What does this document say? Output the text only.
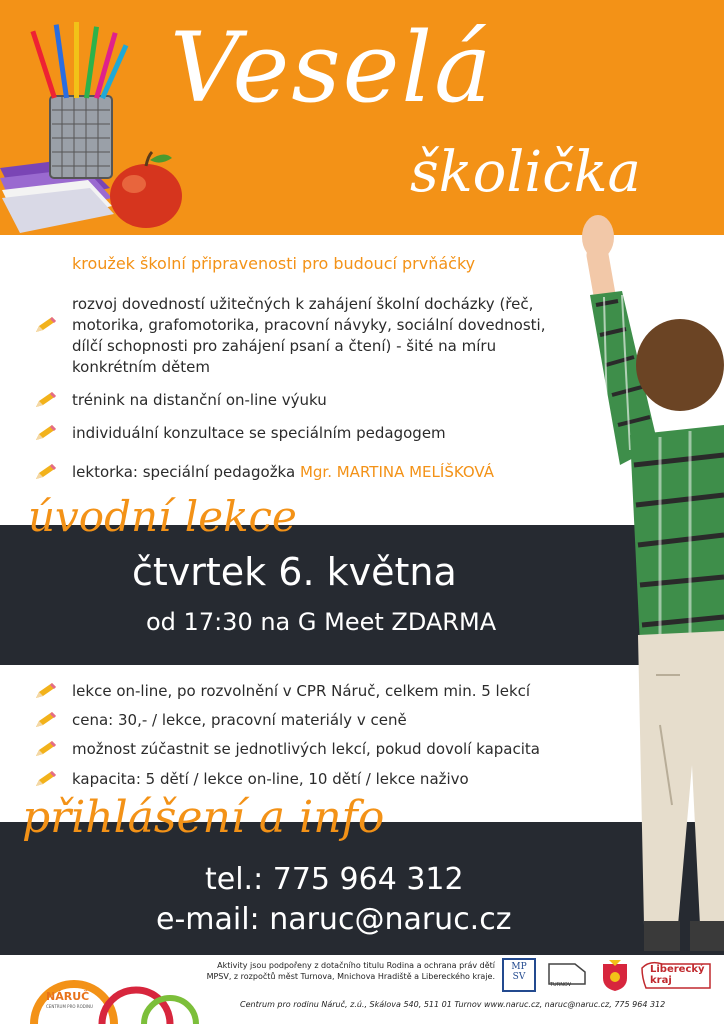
Veselá
školička
kroužek školní připravenosti pro budoucí prvňáčky
rozvoj dovedností užitečných k zahájení školní docházky (řeč, motorika, grafomotorika, pracovní návyky, sociální dovednosti, dílčí schopnosti pro zahájení psaní a čtení) - šité na míru konkrétním dětem
trénink na distanční on-line výuku
individuální konzultace se speciálním pedagogem
lektorka: speciální pedagožka Mgr. MARTINA MELÍŠKOVÁ
úvodní lekce
čtvrtek 6. května
od 17:30 na G Meet ZDARMA
lekce on-line, po rozvolnění v CPR Náruč, celkem min. 5 lekcí
cena: 30,- / lekce, pracovní materiály v ceně
možnost zúčastnit se jednotlivých lekcí, pokud dovolí kapacita
kapacita: 5 dětí / lekce on-line, 10 dětí / lekce naživo
přihlášení a info
tel.: 775 964 312
e-mail: naruc@naruc.cz
NÁRUČ
CENTRUM PRO RODINU
Aktivity jsou podpořeny z dotačního titulu Rodina a ochrana práv dětí MPSV, z rozpočtů měst Turnova, Mnichova Hradiště a Libereckého kraje.
Centrum pro rodinu Náruč, z.ú., Skálova 540, 511 01 Turnov www.naruc.cz, naruc@naruc.cz, 775 964 312
MP SV
TURNOV
Liberecký kraj
